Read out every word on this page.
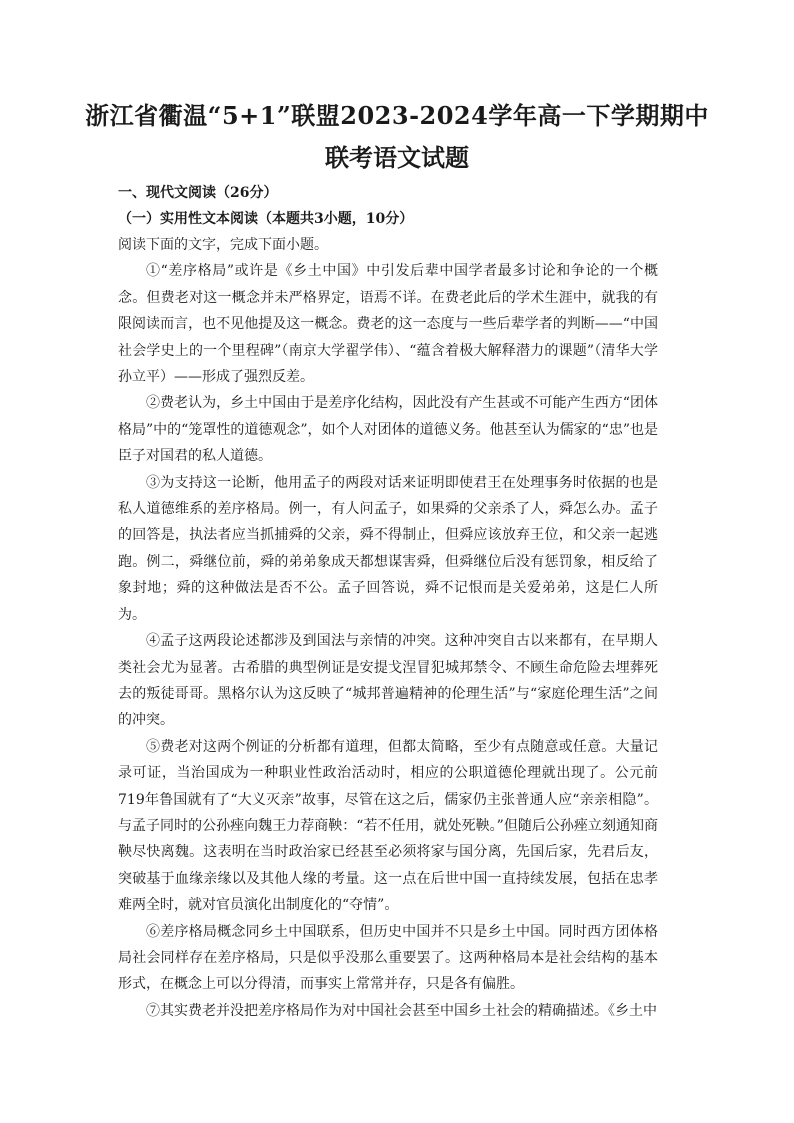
浙江省衢温“5+1”联盟2023-2024学年高一下学期期中
联考语文试题

一、现代文阅读（26分）

（一）实用性文本阅读（本题共3小题，10分）

阅读下面的文字，完成下面小题。

①“差序格局”或许是《乡土中国》中引发后辈中国学者最多讨论和争论的一个概念。但费老对这一概念并未严格界定，语焉不详。在费老此后的学术生涯中，就我的有限阅读而言，也不见他提及这一概念。费老的这一态度与一些后辈学者的判断——“中国社会学史上的一个里程碑”（南京大学翟学伟）、“蕴含着极大解释潜力的课题”（清华大学孙立平）——形成了强烈反差。

②费老认为，乡土中国由于是差序化结构，因此没有产生甚或不可能产生西方“团体格局”中的“笼罩性的道德观念”，如个人对团体的道德义务。他甚至认为儒家的“忠”也是臣子对国君的私人道德。

③为支持这一论断，他用孟子的两段对话来证明即使君王在处理事务时依据的也是私人道德维系的差序格局。例一，有人问孟子，如果舜的父亲杀了人，舜怎么办。孟子的回答是，执法者应当抓捕舜的父亲，舜不得制止，但舜应该放弃王位，和父亲一起逃跑。例二，舜继位前，舜的弟弟象成天都想谋害舜，但舜继位后没有惩罚象，相反给了象封地；舜的这种做法是否不公。孟子回答说，舜不记恨而是关爱弟弟，这是仁人所为。

④孟子这两段论述都涉及到国法与亲情的冲突。这种冲突自古以来都有，在早期人类社会尤为显著。古希腊的典型例证是安提戈涅冒犯城邦禁令、不顾生命危险去埋葬死去的叛徒哥哥。黑格尔认为这反映了“城邦普遍精神的伦理生活”与“家庭伦理生活”之间的冲突。

⑤费老对这两个例证的分析都有道理，但都太简略，至少有点随意或任意。大量记录可证，当治国成为一种职业性政治活动时，相应的公职道德伦理就出现了。公元前719年鲁国就有了“大义灭亲”故事，尽管在这之后，儒家仍主张普通人应“亲亲相隐”。与孟子同时的公孙痤向魏王力荐商鞅：“若不任用，就处死鞅。”但随后公孙痤立刻通知商鞅尽快离魏。这表明在当时政治家已经甚至必须将家与国分离，先国后家，先君后友，突破基于血缘亲缘以及其他人缘的考量。这一点在后世中国一直持续发展，包括在忠孝难两全时，就对官员演化出制度化的“夺情”。

⑥差序格局概念同乡土中国联系，但历史中国并不只是乡土中国。同时西方团体格局社会同样存在差序格局，只是似乎没那么重要罢了。这两种格局本是社会结构的基本形式，在概念上可以分得清，而事实上常常并存，只是各有偏胜。

⑦其实费老并没把差序格局作为对中国社会甚至中国乡土社会的精确描述。《乡土中
